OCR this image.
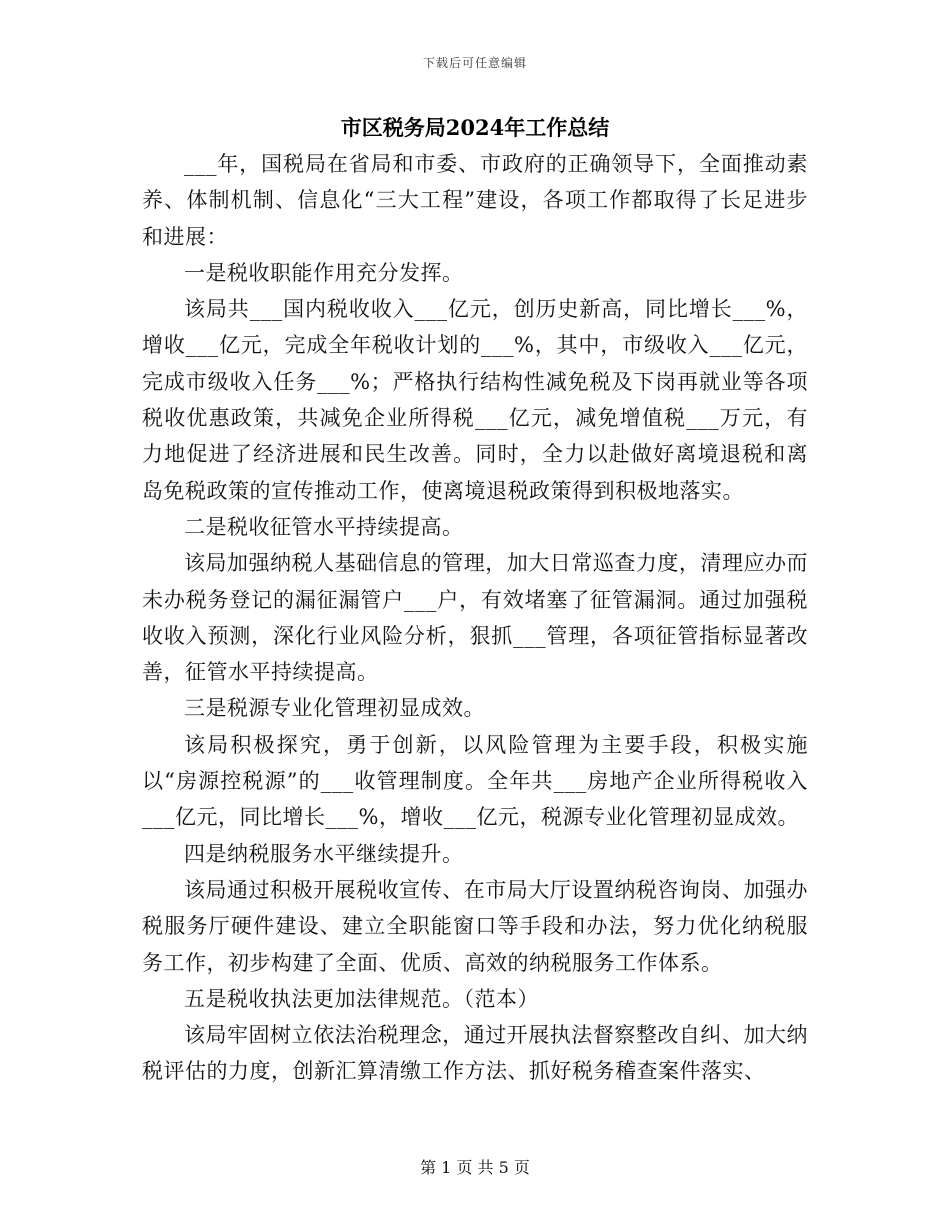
下载后可任意编辑
市区税务局2024年工作总结

___年，国税局在省局和市委、市政府的正确领导下，全面推动素养、体制机制、信息化“三大工程”建设，各项工作都取得了长足进步和进展：

一是税收职能作用充分发挥。

该局共___国内税收收入___亿元，创历史新高，同比增长___%，增收___亿元，完成全年税收计划的___%，其中，市级收入___亿元，完成市级收入任务___%；严格执行结构性减免税及下岗再就业等各项税收优惠政策，共减免企业所得税___亿元，减免增值税___万元，有力地促进了经济进展和民生改善。同时，全力以赴做好离境退税和离岛免税政策的宣传推动工作，使离境退税政策得到积极地落实。

二是税收征管水平持续提高。

该局加强纳税人基础信息的管理，加大日常巡查力度，清理应办而未办税务登记的漏征漏管户___户，有效堵塞了征管漏洞。通过加强税收收入预测，深化行业风险分析，狠抓___管理，各项征管指标显著改善，征管水平持续提高。

三是税源专业化管理初显成效。

该局积极探究，勇于创新，以风险管理为主要手段，积极实施以“房源控税源”的___收管理制度。全年共___房地产企业所得税收入___亿元，同比增长___%，增收___亿元，税源专业化管理初显成效。

四是纳税服务水平继续提升。

该局通过积极开展税收宣传、在市局大厅设置纳税咨询岗、加强办税服务厅硬件建设、建立全职能窗口等手段和办法，努力优化纳税服务工作，初步构建了全面、优质、高效的纳税服务工作体系。

五是税收执法更加法律规范。（范本）

该局牢固树立依法治税理念，通过开展执法督察整改自纠、加大纳税评估的力度，创新汇算清缴工作方法、抓好税务稽查案件落实、

第 1 页 共 5 页
